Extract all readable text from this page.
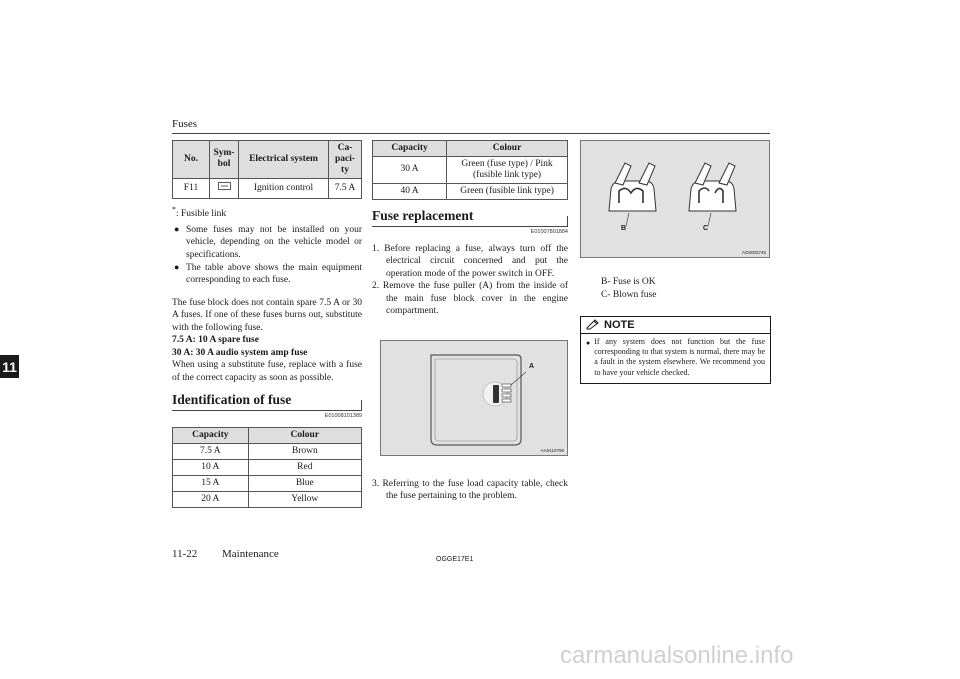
Fuses
11
No.	Sym-bol	Electrical system	Ca-paci-ty
F11		Ignition control	7.5 A
*: Fusible link
● Some fuses may not be installed on your vehicle, depending on the vehicle model or specifications.
● The table above shows the main equipment corresponding to each fuse.

The fuse block does not contain spare 7.5 A or 30 A fuses. If one of these fuses burns out, substitute with the following fuse.

7.5 A: 10 A spare fuse

30 A: 30 A audio system amp fuse

When using a substitute fuse, replace with a fuse of the correct capacity as soon as possible.

Identification of fuse
E01008101389
Capacity	Colour
7.5 A	Brown
10 A	Red
15 A	Blue
20 A	Yellow
Capacity	Colour
30 A	Green (fuse type) / Pink (fusible link type)
40 A	Green (fusible link type)
Fuse replacement
E01007801884
1. Before replacing a fuse, always turn off the electrical circuit concerned and put the operation mode of the power switch in OFF.
2. Remove the fuse puller (A) from the inside of the main fuse block cover in the engine compartment.
A
AA0110796
3. Referring to the fuse load capacity table, check the fuse pertaining to the problem.
B	C
AG0002745

B- Fuse is OK

C- Blown fuse

NOTE
● If any system does not function but the fuse corresponding to that system is normal, there may be a fault in the system elsewhere. We recommend you to have your vehicle checked.

11-22 Maintenance	OGGE17E1
carmanualsonline.info
